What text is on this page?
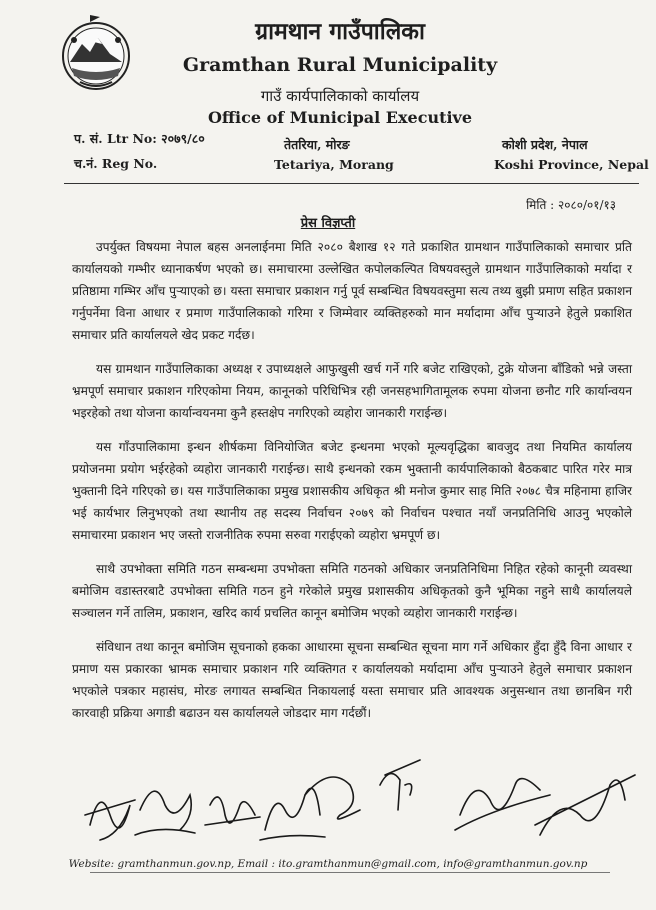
ग्रामथान गाउँपालिका
Gramthan Rural Municipality
गाउँ कार्यपालिकाको कार्यालय
Office of Municipal Executive
प. सं. Ltr No: २०७९/८०
च.नं. Reg No.
तेतरिया, मोरङ
Tetariya, Morang
कोशी प्रदेश, नेपाल
Koshi Province, Nepal
मिति : २०८०/०१/१३
प्रेस विज्ञप्ती

उपर्युक्त विषयमा नेपाल बहस अनलाईनमा मिति २०८० बैशाख १२ गते प्रकाशित ग्रामथान गाउँपालिकाको समाचार प्रति कार्यालयको गम्भीर ध्यानाकर्षण भएको छ। समाचारमा उल्लेखित कपोलकल्पित विषयवस्तुले ग्रामथान गाउँपालिकाको मर्यादा र प्रतिष्ठामा गम्भिर आँच पुऱ्याएको छ। यस्ता समाचार प्रकाशन गर्नु पूर्व सम्बन्धित विषयवस्तुमा सत्य तथ्य बुझी प्रमाण सहित प्रकाशन गर्नुपर्नेमा विना आधार र प्रमाण गाउँपालिकाको गरिमा र जिम्मेवार व्यक्तिहरुको मान मर्यादामा आँच पुऱ्याउने हेतुले प्रकाशित समाचार प्रति कार्यालयले खेद प्रकट गर्दछ।

यस ग्रामथान गाउँपालिकाका अध्यक्ष र उपाध्यक्षले आफुखुसी खर्च गर्ने गरि बजेट राखिएको, टुक्रे योजना बाँडिको भन्ने जस्ता भ्रमपूर्ण समाचार प्रकाशन गरिएकोमा नियम, कानूनको परिधिभित्र रही जनसहभागितामूलक रुपमा योजना छनौट गरि कार्यान्वयन भइरहेको तथा योजना कार्यान्वयनमा कुनै हस्तक्षेप नगरिएको व्यहोरा जानकारी गराईन्छ।

यस गाँउपालिकामा इन्धन शीर्षकमा विनियोजित बजेट इन्धनमा भएको मूल्यवृद्धिका बावजुद तथा नियमित कार्यालय प्रयोजनमा प्रयोग भईरहेको व्यहोरा जानकारी गराईन्छ। साथै इन्धनको रकम भुक्तानी कार्यपालिकाको बैठकबाट पारित गरेर मात्र भुक्तानी दिने गरिएको छ। यस गाउँपालिकाका प्रमुख प्रशासकीय अधिकृत श्री मनोज कुमार साह मिति २०७८ चैत्र महिनामा हाजिर भई कार्यभार लिनुभएको तथा स्थानीय तह सदस्य निर्वाचन २०७९ को निर्वाचन पश्चात नयाँ जनप्रतिनिधि आउनु भएकोले समाचारमा प्रकाशन भए जस्तो राजनीतिक रुपमा सरुवा गराईएको व्यहोरा भ्रमपूर्ण छ।

साथै उपभोक्ता समिति गठन सम्बन्धमा उपभोक्ता समिति गठनको अधिकार जनप्रतिनिधिमा निहित रहेको कानूनी व्यवस्था बमोजिम वडास्तरबाटै उपभोक्ता समिति गठन हुने गरेकोले प्रमुख प्रशासकीय अधिकृतको कुनै भूमिका नहुने साथै कार्यालयले सञ्चालन गर्ने तालिम, प्रकाशन, खरिद कार्य प्रचलित कानून बमोजिम भएको व्यहोरा जानकारी गराईन्छ।

संविधान तथा कानून बमोजिम सूचनाको हकका आधारमा सूचना सम्बन्धित सूचना माग गर्ने अधिकार हुँदा हुँदै विना आधार र प्रमाण यस प्रकारका भ्रामक समाचार प्रकाशन गरि व्यक्तिगत र कार्यालयको मर्यादामा आँच पुऱ्याउने हेतुले समाचार प्रकाशन भएकोले पत्रकार महासंघ, मोरङ लगायत सम्बन्धित निकायलाई यस्ता समाचार प्रति आवश्यक अनुसन्धान तथा छानबिन गरी कारवाही प्रक्रिया अगाडी बढाउन यस कार्यालयले जोडदार माग गर्दछौं।

Website: gramthanmun.gov.np, Email : ito.gramthanmun@gmail.com, info@gramthanmun.gov.np
